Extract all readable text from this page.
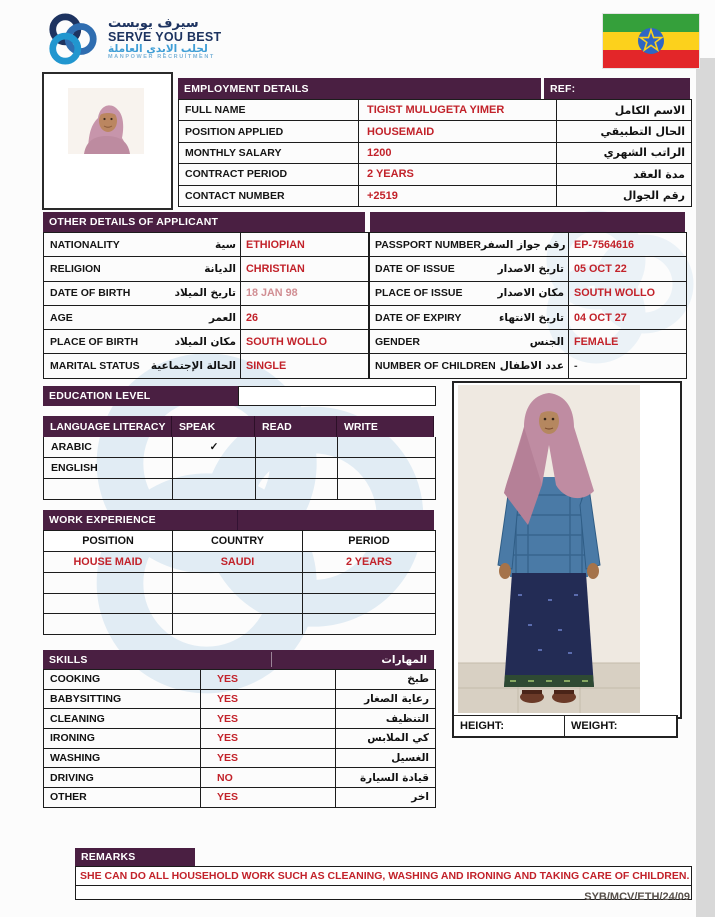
سيرف يوبست
SERVE YOU BEST
لجلب الايدي العاملة
MANPOWER RECRUITMENT
EMPLOYMENT DETAILS	REF:
FULL NAME	TIGIST MULUGETA YIMER	الاسم الكامل
POSITION APPLIED	HOUSEMAID	الحال التطبيقي
MONTHLY SALARY	1200	الراتب الشهري
CONTRACT PERIOD	2 YEARS	مدة العقد
CONTACT NUMBER	+2519	رقم الجوال
OTHER DETAILS OF APPLICANT
NATIONALITY	سية ETHIOPIAN
RELIGION	الديانة CHRISTIAN
DATE OF BIRTH	تاريخ الميلاد 18 JAN 98
AGE	العمر 26
PLACE OF BIRTH	مكان الميلاد SOUTH WOLLO
MARITAL STATUS الحالة الإجتماعية SINGLE
PASSPORT NUMBER رقم جواز السفر EP-7564616
DATE OF ISSUE	تاريخ الاصدار 05 OCT 22
PLACE OF ISSUE	مكان الاصدار SOUTH WOLLO
DATE OF EXPIRY	تاريخ الانتهاء 04 OCT 27
GENDER	الجنس FEMALE
NUMBER OF CHILDREN عدد الاطفال -
EDUCATION LEVEL
LANGUAGE LITERACY	SPEAK	READ	WRITE
ARABIC	✓
ENGLISH
WORK EXPERIENCE
POSITION	COUNTRY	PERIOD
HOUSE MAID	SAUDI	2 YEARS
SKILLS	المهارات
COOKING	YES	طبخ
BABYSITTING	YES	رعاية الصغار
CLEANING	YES	التنظيف
IRONING	YES	كي الملابس
WASHING	YES	الغسيل
DRIVING	NO	قيادة السيارة
OTHER	YES	اخر
HEIGHT:	WEIGHT:
REMARKS
SHE CAN DO ALL HOUSEHOLD WORK SUCH AS CLEANING, WASHING AND IRONING AND TAKING CARE OF CHILDREN.
SYB/MCV/ETH/24/09
